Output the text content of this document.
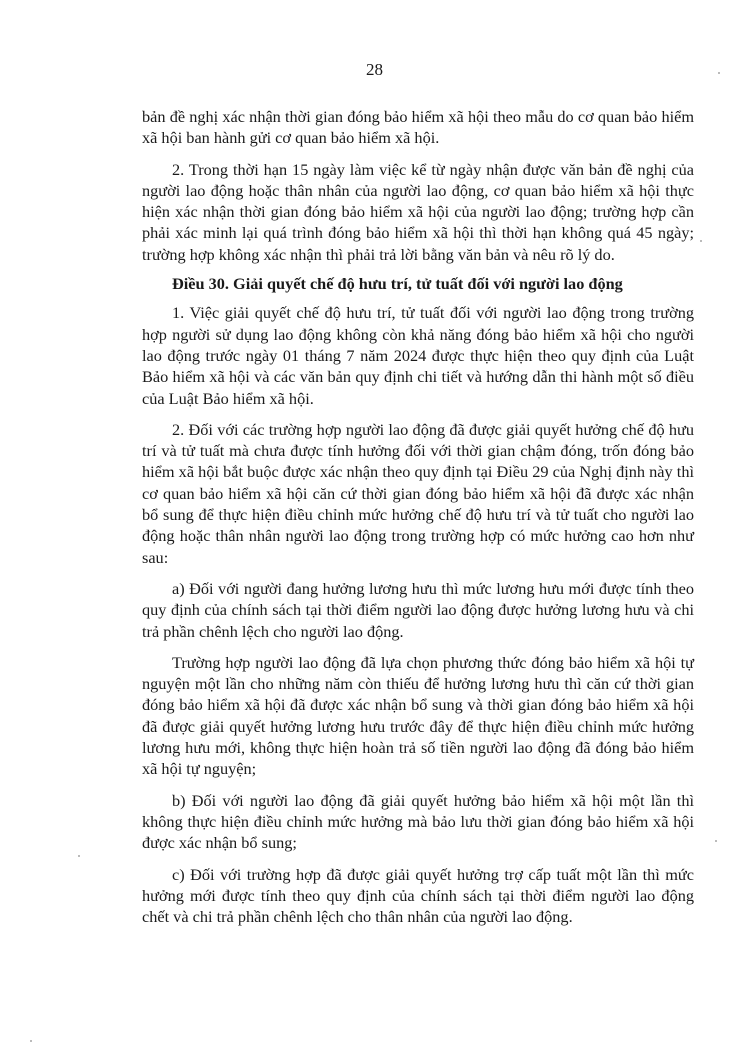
28

bản đề nghị xác nhận thời gian đóng bảo hiểm xã hội theo mẫu do cơ quan bảo hiểm xã hội ban hành gửi cơ quan bảo hiểm xã hội.

2. Trong thời hạn 15 ngày làm việc kể từ ngày nhận được văn bản đề nghị của người lao động hoặc thân nhân của người lao động, cơ quan bảo hiểm xã hội thực hiện xác nhận thời gian đóng bảo hiểm xã hội của người lao động; trường hợp cần phải xác minh lại quá trình đóng bảo hiểm xã hội thì thời hạn không quá 45 ngày; trường hợp không xác nhận thì phải trả lời bằng văn bản và nêu rõ lý do.

Điều 30. Giải quyết chế độ hưu trí, tử tuất đối với người lao động

1. Việc giải quyết chế độ hưu trí, tử tuất đối với người lao động trong trường hợp người sử dụng lao động không còn khả năng đóng bảo hiểm xã hội cho người lao động trước ngày 01 tháng 7 năm 2024 được thực hiện theo quy định của Luật Bảo hiểm xã hội và các văn bản quy định chi tiết và hướng dẫn thi hành một số điều của Luật Bảo hiểm xã hội.

2. Đối với các trường hợp người lao động đã được giải quyết hưởng chế độ hưu trí và tử tuất mà chưa được tính hưởng đối với thời gian chậm đóng, trốn đóng bảo hiểm xã hội bắt buộc được xác nhận theo quy định tại Điều 29 của Nghị định này thì cơ quan bảo hiểm xã hội căn cứ thời gian đóng bảo hiểm xã hội đã được xác nhận bổ sung để thực hiện điều chỉnh mức hưởng chế độ hưu trí và tử tuất cho người lao động hoặc thân nhân người lao động trong trường hợp có mức hưởng cao hơn như sau:

a) Đối với người đang hưởng lương hưu thì mức lương hưu mới được tính theo quy định của chính sách tại thời điểm người lao động được hưởng lương hưu và chi trả phần chênh lệch cho người lao động.

Trường hợp người lao động đã lựa chọn phương thức đóng bảo hiểm xã hội tự nguyện một lần cho những năm còn thiếu để hưởng lương hưu thì căn cứ thời gian đóng bảo hiểm xã hội đã được xác nhận bổ sung và thời gian đóng bảo hiểm xã hội đã được giải quyết hưởng lương hưu trước đây để thực hiện điều chỉnh mức hưởng lương hưu mới, không thực hiện hoàn trả số tiền người lao động đã đóng bảo hiểm xã hội tự nguyện;

b) Đối với người lao động đã giải quyết hưởng bảo hiểm xã hội một lần thì không thực hiện điều chỉnh mức hưởng mà bảo lưu thời gian đóng bảo hiểm xã hội được xác nhận bổ sung;

c) Đối với trường hợp đã được giải quyết hưởng trợ cấp tuất một lần thì mức hưởng mới được tính theo quy định của chính sách tại thời điểm người lao động chết và chi trả phần chênh lệch cho thân nhân của người lao động.
